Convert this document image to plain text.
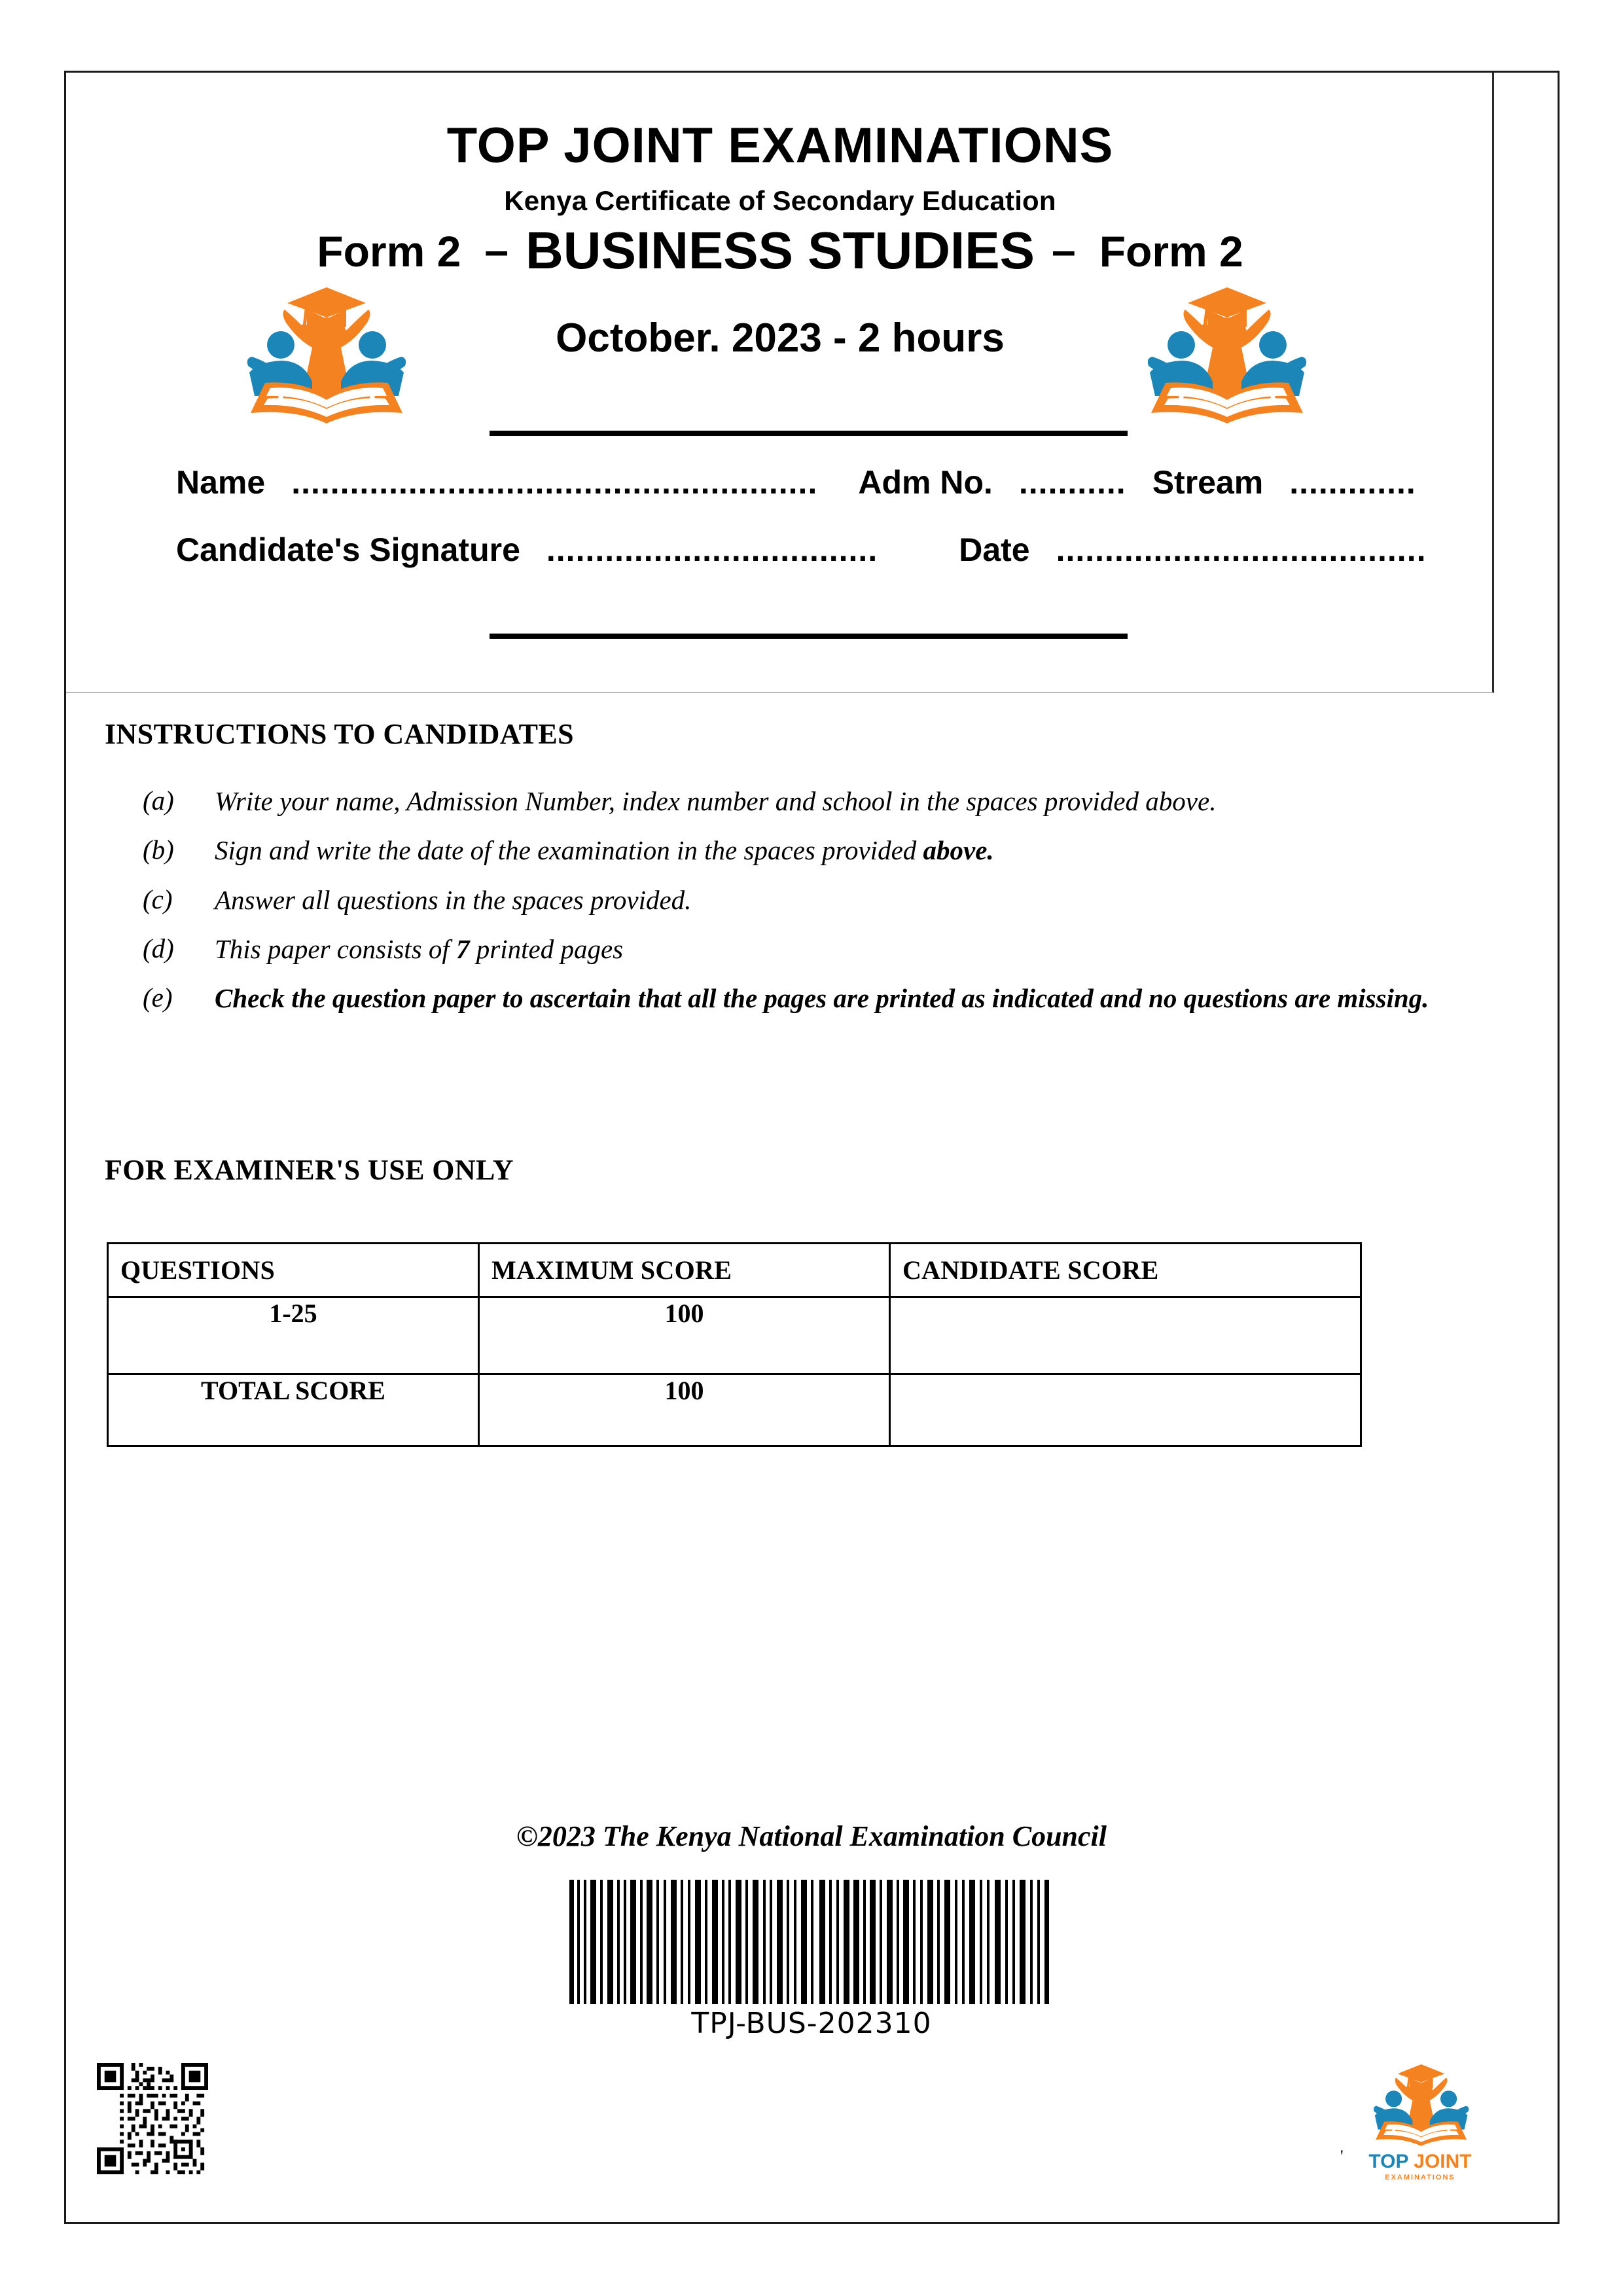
TOP JOINT EXAMINATIONS
Kenya Certificate of Secondary Education
Form 2 – BUSINESS STUDIES – Form 2
October. 2023 - 2 hours
Name ...................................................... Adm No. ........... Stream .............
Candidate's Signature .................................. Date ......................................
INSTRUCTIONS TO CANDIDATES
(a)	Write your name, Admission Number, index number and school in the spaces provided above.
(b)	Sign and write the date of the examination in the spaces provided above.
(c)	Answer all questions in the spaces provided.
(d)	This paper consists of 7 printed pages
(e)	Check the question paper to ascertain that all the pages are printed as indicated and no questions are missing.
FOR EXAMINER'S USE ONLY
QUESTIONS	MAXIMUM SCORE	CANDIDATE SCORE
1-25	100	
TOTAL SCORE	100	
©2023 The Kenya National Examination Council
TPJ-BUS-202310
TOP JOINT
EXAMINATIONS
'
